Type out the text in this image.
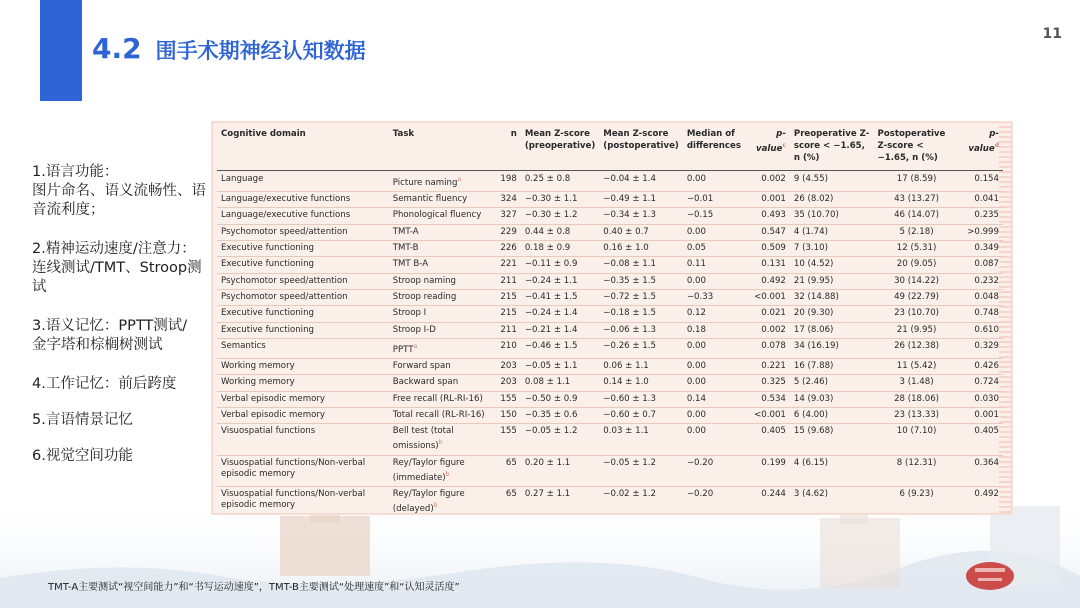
4.2 围手术期神经认知数据
11
1.语言功能：
图片命名、语义流畅性、语音流利度；
2.精神运动速度/注意力：
连线测试/TMT、Stroop测试
3.语义记忆：PPTT测试/
金字塔和棕榈树测试
4.工作记忆：前后跨度
5.言语情景记忆
6.视觉空间功能
Cognitive domain	Task	n	Mean Z-score (preoperative)	Mean Z-score (postoperative)	Median of differences	p-value$^c$	Preoperative Z-score < −1.65, n (%)	Postoperative Z-score < −1.65, n (%)	p-value$^d$
Language	Picture naming$^a$	198	0.25 ± 0.8	−0.04 ± 1.4	0.00	0.002	9 (4.55)	17 (8.59)	0.154
Language/executive functions	Semantic fluency	324	−0.30 ± 1.1	−0.49 ± 1.1	−0.01	0.001	26 (8.02)	43 (13.27)	0.041
Language/executive functions	Phonological fluency	327	−0.30 ± 1.2	−0.34 ± 1.3	−0.15	0.493	35 (10.70)	46 (14.07)	0.235
Psychomotor speed/attention	TMT-A	229	0.44 ± 0.8	0.40 ± 0.7	0.00	0.547	4 (1.74)	5 (2.18)	>0.999
Executive functioning	TMT-B	226	0.18 ± 0.9	0.16 ± 1.0	0.05	0.509	7 (3.10)	12 (5.31)	0.349
Executive functioning	TMT B-A	221	−0.11 ± 0.9	−0.08 ± 1.1	0.11	0.131	10 (4.52)	20 (9.05)	0.087
Psychomotor speed/attention	Stroop naming	211	−0.24 ± 1.1	−0.35 ± 1.5	0.00	0.492	21 (9.95)	30 (14.22)	0.232
Psychomotor speed/attention	Stroop reading	215	−0.41 ± 1.5	−0.72 ± 1.5	−0.33	<0.001	32 (14.88)	49 (22.79)	0.048
Executive functioning	Stroop I	215	−0.24 ± 1.4	−0.18 ± 1.5	0.12	0.021	20 (9.30)	23 (10.70)	0.748
Executive functioning	Stroop I-D	211	−0.21 ± 1.4	−0.06 ± 1.3	0.18	0.002	17 (8.06)	21 (9.95)	0.610
Semantics	PPTT$^a$	210	−0.46 ± 1.5	−0.26 ± 1.5	0.00	0.078	34 (16.19)	26 (12.38)	0.329
Working memory	Forward span	203	−0.05 ± 1.1	0.06 ± 1.1	0.00	0.221	16 (7.88)	11 (5.42)	0.426
Working memory	Backward span	203	0.08 ± 1.1	0.14 ± 1.0	0.00	0.325	5 (2.46)	3 (1.48)	0.724
Verbal episodic memory	Free recall (RL-RI-16)	155	−0.50 ± 0.9	−0.60 ± 1.3	0.14	0.534	14 (9.03)	28 (18.06)	0.030
Verbal episodic memory	Total recall (RL-RI-16)	150	−0.35 ± 0.6	−0.60 ± 0.7	0.00	<0.001	6 (4.00)	23 (13.33)	0.001
Visuospatial functions	Bell test (total omissions)$^b$	155	−0.05 ± 1.2	0.03 ± 1.1	0.00	0.405	15 (9.68)	10 (7.10)	0.405
Visuospatial functions/Non-verbal episodic memory	Rey/Taylor figure (immediate)$^b$	65	0.20 ± 1.1	−0.05 ± 1.2	−0.20	0.199	4 (6.15)	8 (12.31)	0.364
Visuospatial functions/Non-verbal episodic memory	Rey/Taylor figure (delayed)$^b$	65	0.27 ± 1.1	−0.02 ± 1.2	−0.20	0.244	3 (4.62)	6 (9.23)	0.492
TMT-A主要测试“视空间能力”和“书写运动速度”，TMT-B主要测试“处理速度”和“认知灵活度”
